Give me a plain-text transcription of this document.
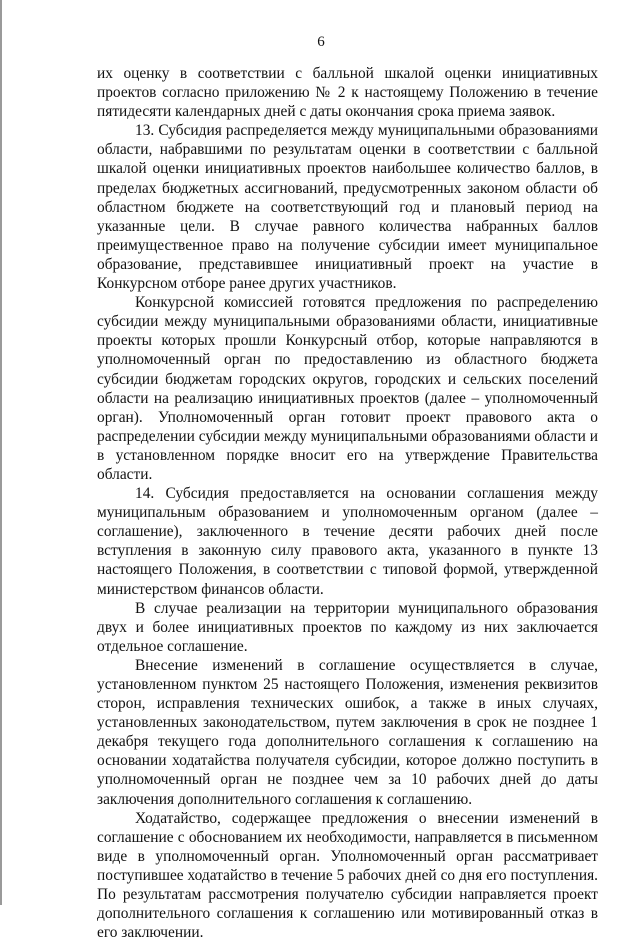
6

их оценку в соответствии с балльной шкалой оценки инициативных проектов согласно приложению № 2 к настоящему Положению в течение пятидесяти календарных дней с даты окончания срока приема заявок.

13. Субсидия распределяется между муниципальными образованиями области, набравшими по результатам оценки в соответствии с балльной шкалой оценки инициативных проектов наибольшее количество баллов, в пределах бюджетных ассигнований, предусмотренных законом области об областном бюджете на соответствующий год и плановый период на указанные цели. В случае равного количества набранных баллов преимущественное право на получение субсидии имеет муниципальное образование, представившее инициативный проект на участие в Конкурсном отборе ранее других участников.

Конкурсной комиссией готовятся предложения по распределению субсидии между муниципальными образованиями области, инициативные проекты которых прошли Конкурсный отбор, которые направляются в уполномоченный орган по предоставлению из областного бюджета субсидии бюджетам городских округов, городских и сельских поселений области на реализацию инициативных проектов (далее – уполномоченный орган). Уполномоченный орган готовит проект правового акта о распределении субсидии между муниципальными образованиями области и в установленном порядке вносит его на утверждение Правительства области.

14. Субсидия предоставляется на основании соглашения между муниципальным образованием и уполномоченным органом (далее – соглашение), заключенного в течение десяти рабочих дней после вступления в законную силу правового акта, указанного в пункте 13 настоящего Положения, в соответствии с типовой формой, утвержденной министерством финансов области.

В случае реализации на территории муниципального образования двух и более инициативных проектов по каждому из них заключается отдельное соглашение.

Внесение изменений в соглашение осуществляется в случае, установленном пунктом 25 настоящего Положения, изменения реквизитов сторон, исправления технических ошибок, а также в иных случаях, установленных законодательством, путем заключения в срок не позднее 1 декабря текущего года дополнительного соглашения к соглашению на основании ходатайства получателя субсидии, которое должно поступить в уполномоченный орган не позднее чем за 10 рабочих дней до даты заключения дополнительного соглашения к соглашению.

Ходатайство, содержащее предложения о внесении изменений в соглашение с обоснованием их необходимости, направляется в письменном виде в уполномоченный орган. Уполномоченный орган рассматривает поступившее ходатайство в течение 5 рабочих дней со дня его поступления. По результатам рассмотрения получателю субсидии направляется проект дополнительного соглашения к соглашению или мотивированный отказ в его заключении.
